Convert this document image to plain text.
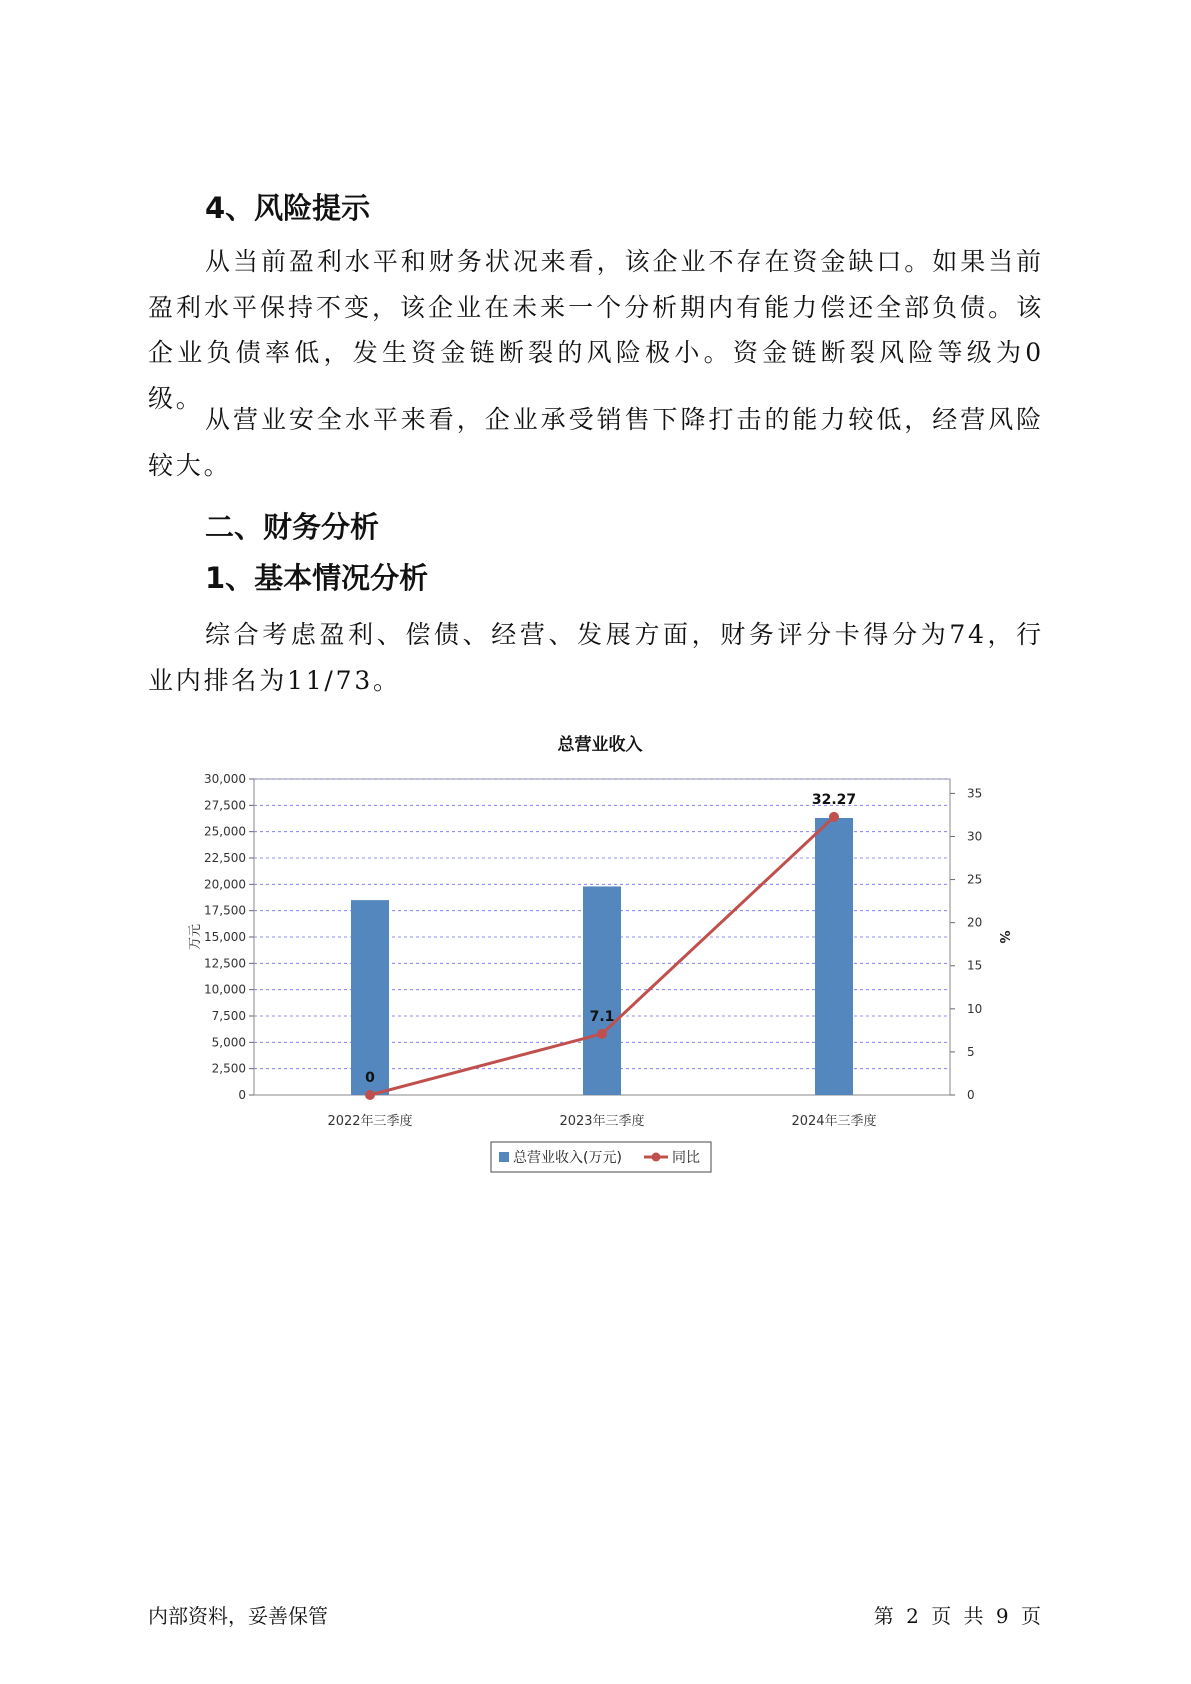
4、风险提示

从当前盈利水平和财务状况来看，该企业不存在资金缺口。如果当前盈利水平保持不变，该企业在未来一个分析期内有能力偿还全部负债。该企业负债率低，发生资金链断裂的风险极小。资金链断裂风险等级为0级。

从营业安全水平来看，企业承受销售下降打击的能力较低，经营风险较大。

二、财务分析
1、基本情况分析

综合考虑盈利、偿债、经营、发展方面，财务评分卡得分为74，行业内排名为11/73。

总营业收入
0
2,500
5,000
7,500
10,000
12,500
15,000
17,500
20,000
22,500
25,000
27,500
30,000
0
5
10
15
20
25
30
35
万元	%
2022年三季度	2023年三季度	2024年三季度
0
7.1
32.27
总营业收入(万元)	同比
内部资料，妥善保管	第 2 页 共 9 页
